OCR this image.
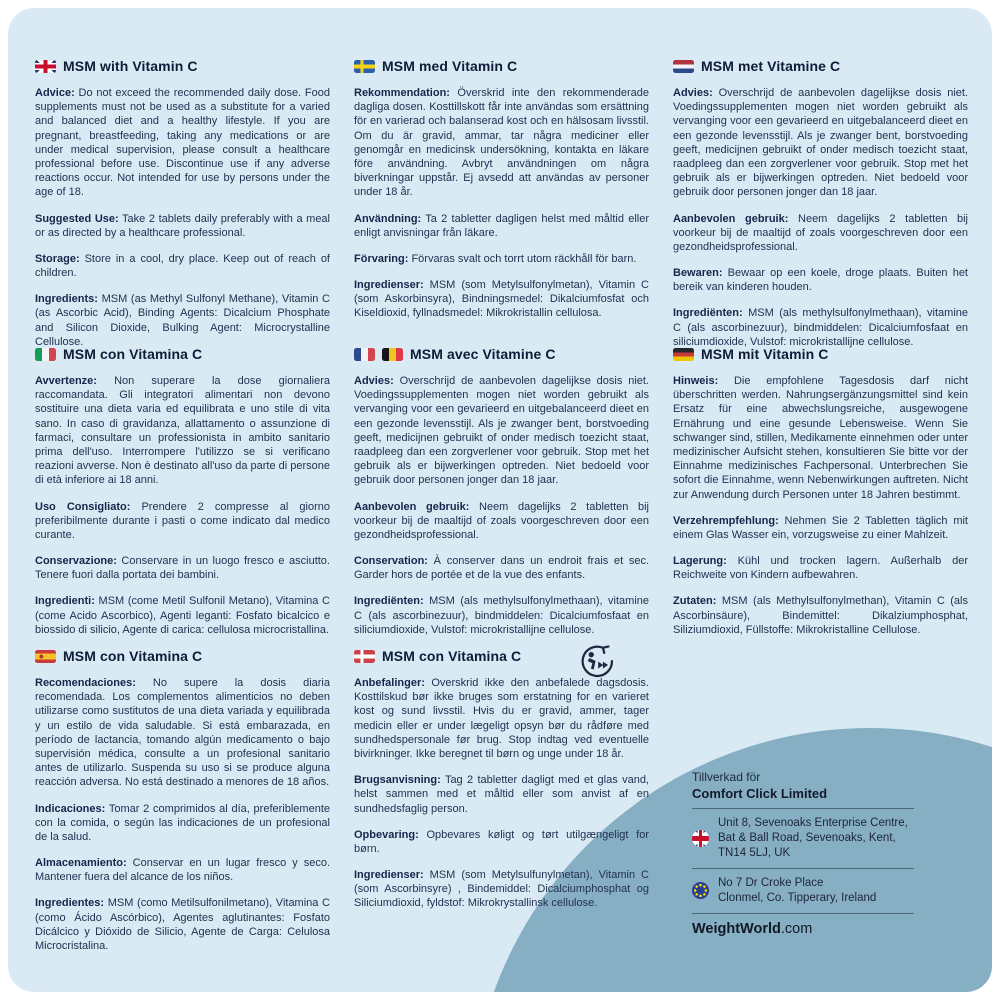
MSM with Vitamin C

Advice: Do not exceed the recommended daily dose. Food supplements must not be used as a substitute for a varied and balanced diet and a healthy lifestyle. If you are pregnant, breastfeeding, taking any medications or are under medical supervision, please consult a healthcare professional before use. Discontinue use if any adverse reactions occur. Not intended for use by persons under the age of 18.

Suggested Use: Take 2 tablets daily preferably with a meal or as directed by a healthcare professional.

Storage: Store in a cool, dry place. Keep out of reach of children.

Ingredients: MSM (as Methyl Sulfonyl Methane), Vitamin C (as Ascorbic Acid), Binding Agents: Dicalcium Phosphate and Silicon Dioxide, Bulking Agent: Microcrystalline Cellulose.

MSM med Vitamin C

Rekommendation: Överskrid inte den rekommenderade dagliga dosen. Kosttillskott får inte användas som ersättning för en varierad och balanserad kost och en hälsosam livsstil. Om du är gravid, ammar, tar några mediciner eller genomgår en medicinsk undersökning, kontakta en läkare före användning. Avbryt användningen om några biverkningar uppstår. Ej avsedd att användas av personer under 18 år.

Användning: Ta 2 tabletter dagligen helst med måltid eller enligt anvisningar från läkare.

Förvaring: Förvaras svalt och torrt utom räckhåll för barn.

Ingredienser: MSM (som Metylsulfonylmetan), Vitamin C (som Askorbinsyra), Bindningsmedel: Dikalciumfosfat och Kiseldioxid, fyllnadsmedel: Mikrokristallin cellulosa.

MSM met Vitamine C

Advies: Overschrijd de aanbevolen dagelijkse dosis niet. Voedingssupplementen mogen niet worden gebruikt als vervanging voor een gevarieerd en uitgebalanceerd dieet en een gezonde levensstijl. Als je zwanger bent, borstvoeding geeft, medicijnen gebruikt of onder medisch toezicht staat, raadpleeg dan een zorgverlener voor gebruik. Stop met het gebruik als er bijwerkingen optreden. Niet bedoeld voor gebruik door personen jonger dan 18 jaar.

Aanbevolen gebruik: Neem dagelijks 2 tabletten bij voorkeur bij de maaltijd of zoals voorgeschreven door een gezondheidsprofessional.

Bewaren: Bewaar op een koele, droge plaats. Buiten het bereik van kinderen houden.

Ingrediënten: MSM (als methylsulfonylmethaan), vitamine C (als ascorbinezuur), bindmiddelen: Dicalciumfosfaat en siliciumdioxide, Vulstof: microkristallijne cellulose.

MSM con Vitamina C

Avvertenze: Non superare la dose giornaliera raccomandata. Gli integratori alimentari non devono sostituire una dieta varia ed equilibrata e uno stile di vita sano. In caso di gravidanza, allattamento o assunzione di farmaci, consultare un professionista in ambito sanitario prima dell'uso. Interrompere l'utilizzo se si verificano reazioni avverse. Non è destinato all'uso da parte di persone di età inferiore ai 18 anni.

Uso Consigliato: Prendere 2 compresse al giorno preferibilmente durante i pasti o come indicato dal medico curante.

Conservazione: Conservare in un luogo fresco e asciutto. Tenere fuori dalla portata dei bambini.

Ingredienti: MSM (come Metil Sulfonil Metano), Vitamina C (come Acido Ascorbico), Agenti leganti: Fosfato bicalcico e biossido di silicio, Agente di carica: cellulosa microcristallina.

MSM avec Vitamine C

Advies: Overschrijd de aanbevolen dagelijkse dosis niet. Voedingssupplementen mogen niet worden gebruikt als vervanging voor een gevarieerd en uitgebalanceerd dieet en een gezonde levensstijl. Als je zwanger bent, borstvoeding geeft, medicijnen gebruikt of onder medisch toezicht staat, raadpleeg dan een zorgverlener voor gebruik. Stop met het gebruik als er bijwerkingen optreden. Niet bedoeld voor gebruik door personen jonger dan 18 jaar.

Aanbevolen gebruik: Neem dagelijks 2 tabletten bij voorkeur bij de maaltijd of zoals voorgeschreven door een gezondheidsprofessional.

Conservation: À conserver dans un endroit frais et sec. Garder hors de portée et de la vue des enfants.

Ingrediënten: MSM (als methylsulfonylmethaan), vitamine C (als ascorbinezuur), bindmiddelen: Dicalciumfosfaat en siliciumdioxide, Vulstof: microkristallijne cellulose.

MSM mit Vitamin C

Hinweis: Die empfohlene Tagesdosis darf nicht überschritten werden. Nahrungsergänzungsmittel sind kein Ersatz für eine abwechslungsreiche, ausgewogene Ernährung und eine gesunde Lebensweise. Wenn Sie schwanger sind, stillen, Medikamente einnehmen oder unter medizinischer Aufsicht stehen, konsultieren Sie bitte vor der Einnahme medizinisches Fachpersonal. Unterbrechen Sie sofort die Einnahme, wenn Nebenwirkungen auftreten. Nicht zur Anwendung durch Personen unter 18 Jahren bestimmt.

Verzehrempfehlung: Nehmen Sie 2 Tabletten täglich mit einem Glas Wasser ein, vorzugsweise zu einer Mahlzeit.

Lagerung: Kühl und trocken lagern. Außerhalb der Reichweite von Kindern aufbewahren.

Zutaten: MSM (als Methylsulfonylmethan), Vitamin C (als Ascorbinsäure), Bindemittel: Dikalziumphosphat, Siliziumdioxid, Füllstoffe: Mikrokristalline Cellulose.

MSM con Vitamina C

Recomendaciones: No supere la dosis diaria recomendada. Los complementos alimenticios no deben utilizarse como sustitutos de una dieta variada y equilibrada y un estilo de vida saludable. Si está embarazada, en período de lactancia, tomando algún medicamento o bajo supervisión médica, consulte a un profesional sanitario antes de utilizarlo. Suspenda su uso si se produce alguna reacción adversa. No está destinado a menores de 18 años.

Indicaciones: Tomar 2 comprimidos al día, preferiblemente con la comida, o según las indicaciones de un profesional de la salud.

Almacenamiento: Conservar en un lugar fresco y seco. Mantener fuera del alcance de los niños.

Ingredientes: MSM (como Metilsulfonilmetano), Vitamina C (como Ácido Ascórbico), Agentes aglutinantes: Fosfato Dicálcico y Dióxido de Silicio, Agente de Carga: Celulosa Microcristalina.

MSM con Vitamina C

Anbefalinger: Overskrid ikke den anbefalede dagsdosis. Kosttilskud bør ikke bruges som erstatning for en varieret kost og sund livsstil. Hvis du er gravid, ammer, tager medicin eller er under lægeligt opsyn bør du rådføre med sundhedspersonale før brug. Stop indtag ved eventuelle bivirkninger. Ikke beregnet til børn og unge under 18 år.

Brugsanvisning: Tag 2 tabletter dagligt med et glas vand, helst sammen med et måltid eller som anvist af en sundhedsfaglig person.

Opbevaring: Opbevares køligt og tørt utilgængeligt for børn.

Ingredienser: MSM (som Metylsulfunylmetan), Vitamin C (som Ascorbinsyre) , Bindemiddel: Dicalciumphosphat og Siliciumdioxid, fyldstof: Mikrokrystallinsk cellulose.

Tillverkad för

Comfort Click Limited

Unit 8, Sevenoaks Enterprise Centre, Bat & Ball Road, Sevenoaks, Kent, TN14 5LJ, UK
No 7 Dr Croke Place
Clonmel, Co. Tipperary, Ireland

WeightWorld.com
